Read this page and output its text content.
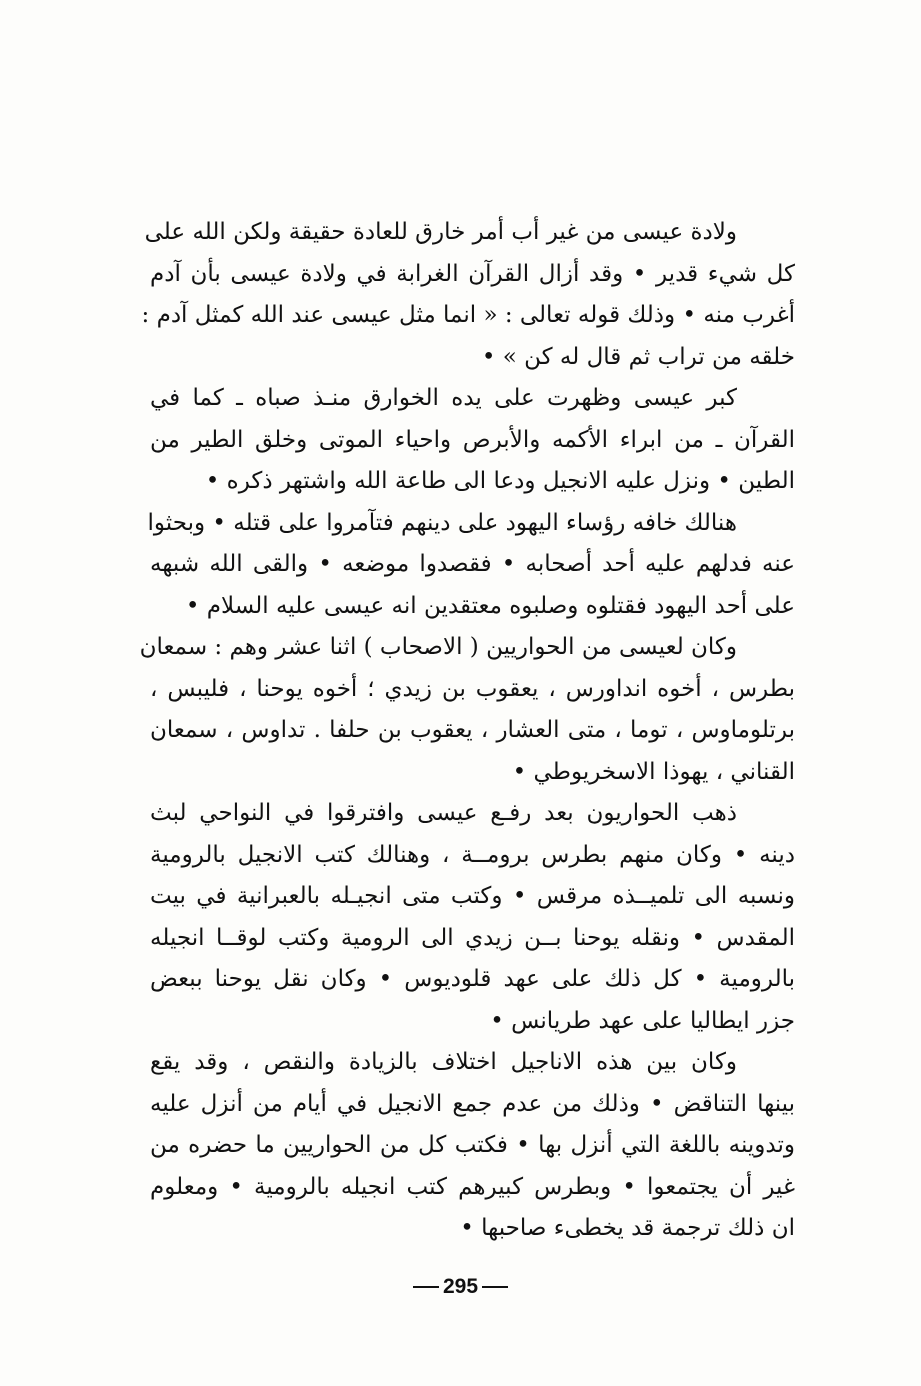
ولادة عيسى من غير أب أمر خارق للعادة حقيقة ولكن الله على
كل شيء قدير • وقد أزال القرآن الغرابة في ولادة عيسى بأن آدم
أغرب منه • وذلك قوله تعالى : « انما مثل عيسى عند الله كمثل آدم :
خلقه من تراب ثم قال له كن » •
كبر عيسى وظهرت على يده الخوارق منـذ صباه ـ كما في
القرآن ـ من ابراء الأكمه والأبرص واحياء الموتى وخلق الطير من
الطين • ونزل عليه الانجيل ودعا الى طاعة الله واشتهر ذكره •
هنالك خافه رؤساء اليهود على دينهم فتآمروا على قتله • وبحثوا
عنه فدلهم عليه أحد أصحابه • فقصدوا موضعه • والقى الله شبهه
على أحد اليهود فقتلوه وصلبوه معتقدين انه عيسى عليه السلام •
وكان لعيسى من الحواريين ( الاصحاب ) اثنا عشر وهم : سمعان
بطرس ، أخوه انداورس ، يعقوب بن زيدي ؛ أخوه يوحنا ، فليبس ،
برتلوماوس ، توما ، متى العشار ، يعقوب بن حلفا . تداوس ، سمعان
القناني ، يهوذا الاسخريوطي •
ذهب الحواريون بعد رفـع عيسى وافترقوا في النواحي لبث
دينه • وكان منهم بطرس برومــة ، وهنالك كتب الانجيل بالرومية
ونسبه الى تلميــذه مرقس • وكتب متى انجيـله بالعبرانية في بيت
المقدس • ونقله يوحنا بــن زيدي الى الرومية وكتب لوقــا انجيله
بالرومية • كل ذلك على عهد قلوديوس • وكان نقل يوحنا ببعض
جزر ايطاليا على عهد طريانس •
وكان بين هذه الاناجيل اختلاف بالزيادة والنقص ، وقد يقع
بينها التناقض • وذلك من عدم جمع الانجيل في أيام من أنزل عليه
وتدوينه باللغة التي أنزل بها • فكتب كل من الحواريين ما حضره من
غير أن يجتمعوا • وبطرس كبيرهم كتب انجيله بالرومية • ومعلوم
ان ذلك ترجمة قد يخطىء صاحبها •
295
